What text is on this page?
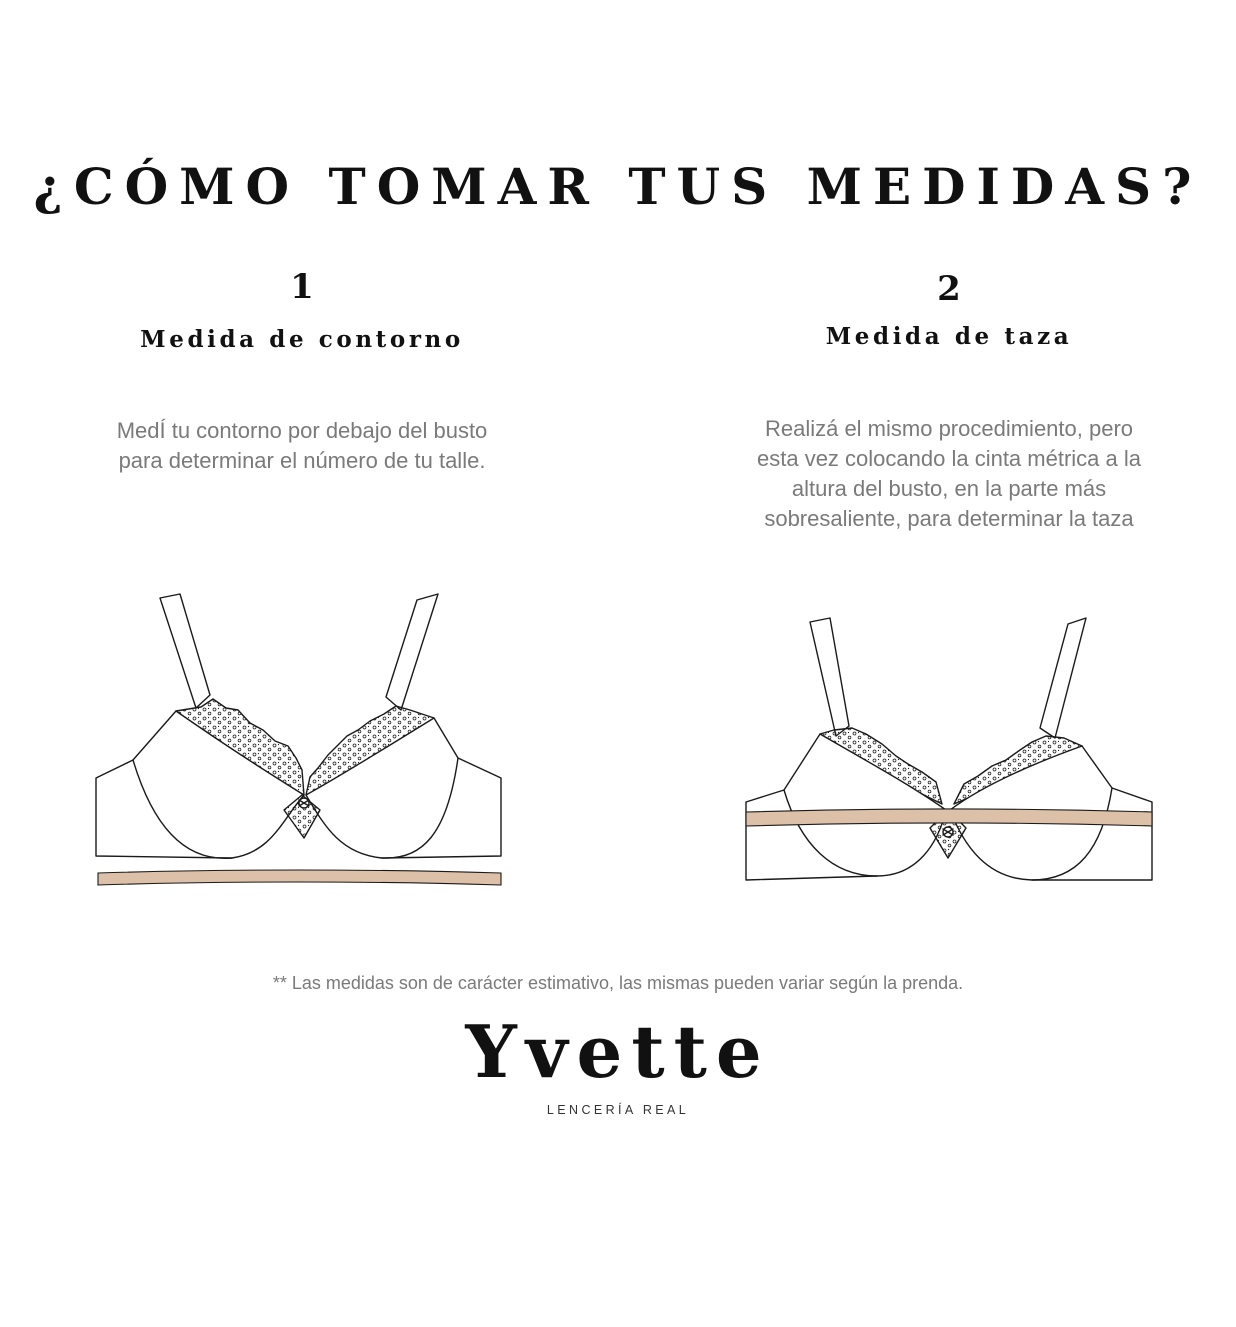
¿CÓMO TOMAR TUS MEDIDAS?
1
Medida de contorno
MedÍ tu contorno por debajo del busto para determinar el número de tu talle.
2
Medida de taza
Realizá el mismo procedimiento, pero esta vez colocando la cinta métrica a la altura del busto, en la parte más sobresaliente, para determinar la taza
** Las medidas son de carácter estimativo, las mismas pueden variar según la prenda.
Yvette
LENCERÍA REAL
